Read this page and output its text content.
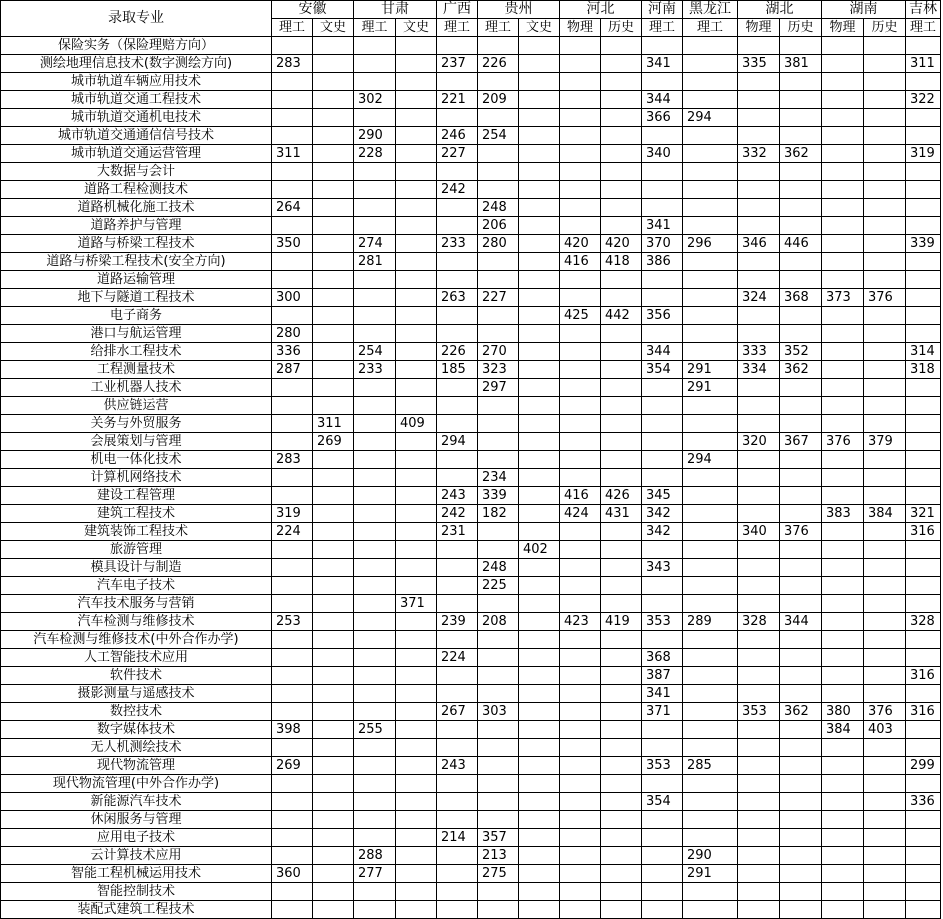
录取专业	安徽		甘肃		广西	贵州		河北		河南	黑龙江	湖北		湖南		吉林
	理工	文史	理工	文史	理工	理工	文史	物理	历史	理工	理工	物理	历史	物理	历史	理工
保险实务（保险理赔方向）																
测绘地理信息技术(数字测绘方向)	283				237	226				341		335	381			311
城市轨道车辆应用技术																
城市轨道交通工程技术			302		221	209				344						322
城市轨道交通机电技术										366	294					
城市轨道交通通信信号技术			290		246	254										
城市轨道交通运营管理	311		228		227					340		332	362			319
大数据与会计																
道路工程检测技术					242											
道路机械化施工技术	264					248										
道路养护与管理						206				341						
道路与桥梁工程技术	350		274		233	280		420	420	370	296	346	446			339
道路与桥梁工程技术(安全方向)			281					416	418	386						
道路运输管理																
地下与隧道工程技术	300				263	227						324	368	373	376	
电子商务								425	442	356						
港口与航运管理	280															
给排水工程技术	336		254		226	270				344		333	352			314
工程测量技术	287		233		185	323				354	291	334	362			318
工业机器人技术						297					291					
供应链运营																
关务与外贸服务		311		409												
会展策划与管理		269			294							320	367	376	379	
机电一体化技术	283										294					
计算机网络技术						234										
建设工程管理					243	339		416	426	345						
建筑工程技术	319				242	182		424	431	342				383	384	321
建筑装饰工程技术	224				231					342		340	376			316
旅游管理							402									
模具设计与制造						248				343						
汽车电子技术						225										
汽车技术服务与营销				371												
汽车检测与维修技术	253				239	208		423	419	353	289	328	344			328
汽车检测与维修技术(中外合作办学)																
人工智能技术应用					224					368						
软件技术										387						316
摄影测量与遥感技术										341						
数控技术					267	303				371		353	362	380	376	316
数字媒体技术	398		255											384	403	
无人机测绘技术																
现代物流管理	269				243					353	285					299
现代物流管理(中外合作办学)																
新能源汽车技术										354						336
休闲服务与管理																
应用电子技术					214	357										
云计算技术应用			288			213					290					
智能工程机械运用技术	360		277			275					291					
智能控制技术																
装配式建筑工程技术																
